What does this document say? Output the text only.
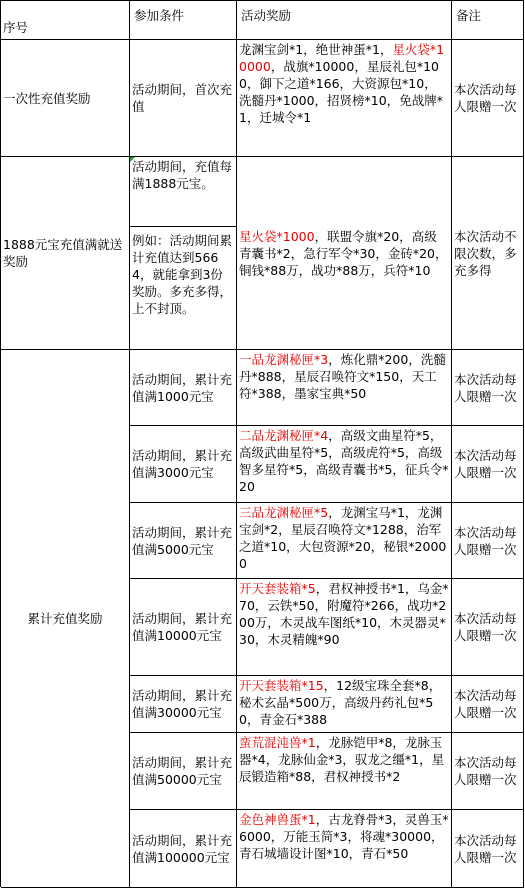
序号
参加条件	活动奖励	备注
一次性充值奖励
活动期间，首次充值
龙渊宝剑*1，绝世神蛋*1，星火袋*10000，战旗*10000，星辰礼包*100，御下之道*166，大资源包*10，洗髓丹*1000，招贤榜*10，免战牌*1，迁城令*1
本次活动每人限赠一次
1888元宝充值满就送奖励
活动期间，充值每满1888元宝。
例如：活动期间累计充值达到5664，就能拿到3份奖励。多充多得，上不封顶。
星火袋*1000，联盟令旗*20，高级青囊书*2，急行军令*30，金砖*20，铜钱*88万，战功*88万，兵符*10
本次活动不限次数，多充多得
累计充值奖励
活动期间，累计充值满1000元宝
一品龙渊秘匣*3，炼化鼎*200，洗髓丹*888，星辰召唤符文*150，天工符*388，墨家宝典*50
本次活动每人限赠一次
活动期间，累计充值满3000元宝
二品龙渊秘匣*4，高级文曲星符*5，高级武曲星符*5，高级虎符*5，高级智多星符*5，高级青囊书*5，征兵令*20
本次活动每人限赠一次
活动期间，累计充值满5000元宝
三品龙渊秘匣*5，龙渊宝马*1，龙渊宝剑*2，星辰召唤符文*1288，治军之道*10，大包资源*20，秘银*20000
本次活动每人限赠一次
活动期间，累计充值满10000元宝
开天套装箱*5，君权神授书*1，乌金*70，云铁*50，附魔符*266，战功*200万，木灵战车图纸*10，木灵器灵*30，木灵精魄*90
本次活动每人限赠一次
活动期间，累计充值满30000元宝
开天套装箱*15，12级宝珠全套*8，秘术玄晶*500万，高级丹药礼包*50，青金石*388
本次活动每人限赠一次
活动期间，累计充值满50000元宝
蛮荒混沌兽*1，龙脉铠甲*8，龙脉玉器*4，龙脉仙金*3，驭龙之缰*1，星辰锻造箱*88，君权神授书*2
本次活动每人限赠一次
活动期间，累计充值满100000元宝
金色神兽蛋*1，古龙脊骨*3，灵兽玉*6000，万能玉简*3，将魂*30000，青石城墙设计图*10，青石*50
本次活动每人限赠一次
